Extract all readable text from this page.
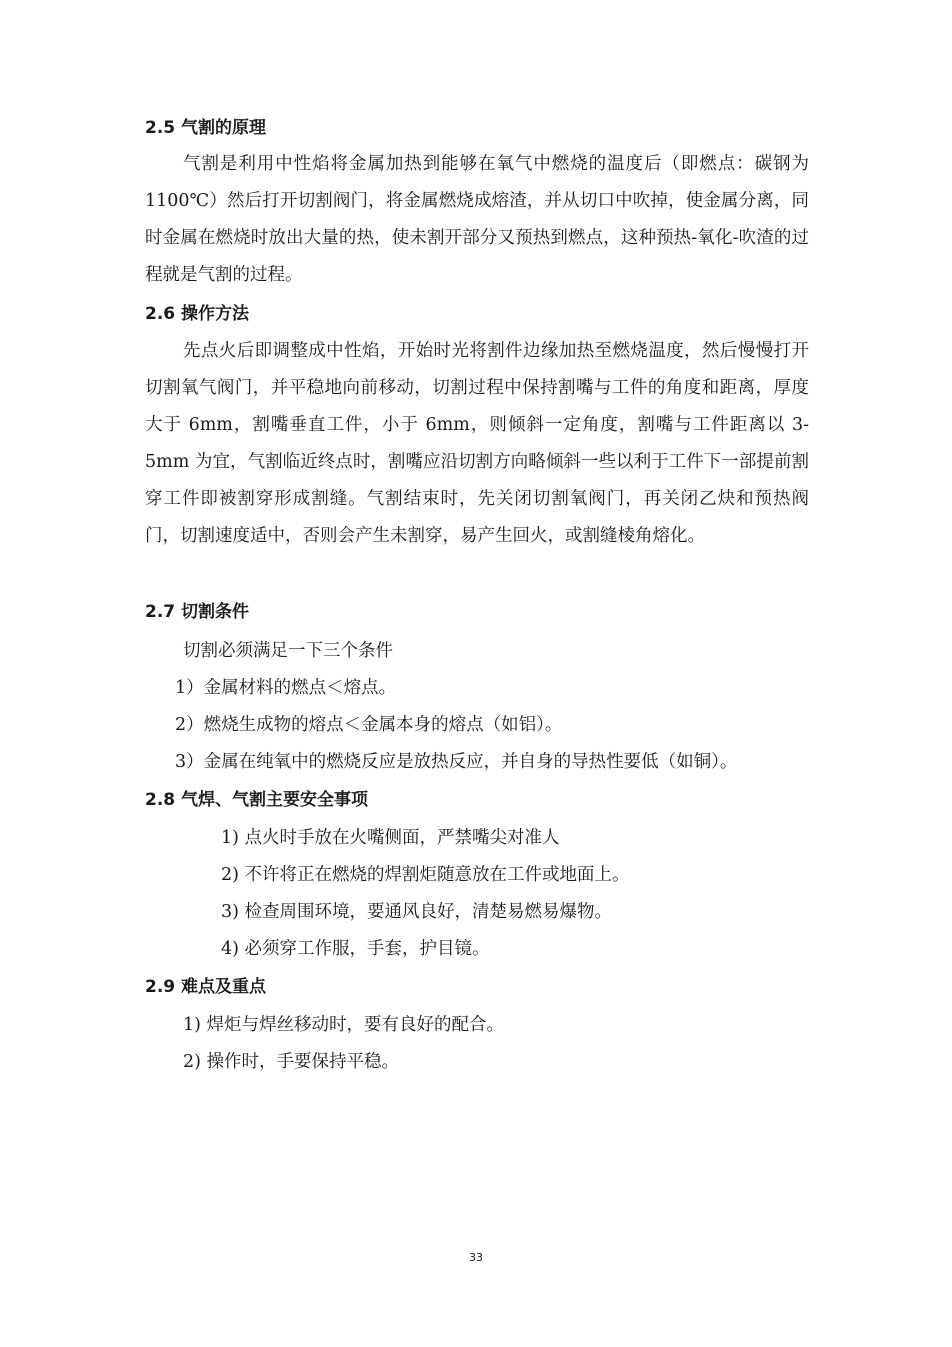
2.5 气割的原理

气割是利用中性焰将金属加热到能够在氧气中燃烧的温度后（即燃点：碳钢为 1100℃）然后打开切割阀门，将金属燃烧成熔渣，并从切口中吹掉，使金属分离，同时金属在燃烧时放出大量的热，使未割开部分又预热到燃点，这种预热-氧化-吹渣的过程就是气割的过程。

2.6 操作方法

先点火后即调整成中性焰，开始时光将割件边缘加热至燃烧温度，然后慢慢打开切割氧气阀门，并平稳地向前移动，切割过程中保持割嘴与工件的角度和距离，厚度大于 6mm，割嘴垂直工件，小于 6mm，则倾斜一定角度，割嘴与工件距离以 3-5mm 为宜，气割临近终点时，割嘴应沿切割方向略倾斜一些以利于工件下一部提前割穿工件即被割穿形成割缝。气割结束时，先关闭切割氧阀门，再关闭乙炔和预热阀门，切割速度适中，否则会产生未割穿，易产生回火，或割缝棱角熔化。

2.7 切割条件
切割必须满足一下三个条件
1）金属材料的燃点＜熔点。
2）燃烧生成物的熔点＜金属本身的熔点（如铝）。
3）金属在纯氧中的燃烧反应是放热反应，并自身的导热性要低（如铜）。
2.8 气焊、气割主要安全事项
1) 点火时手放在火嘴侧面，严禁嘴尖对准人
2) 不许将正在燃烧的焊割炬随意放在工件或地面上。
3) 检查周围环境，要通风良好，清楚易燃易爆物。
4) 必须穿工作服，手套，护目镜。
2.9 难点及重点
1) 焊炬与焊丝移动时，要有良好的配合。
2) 操作时，手要保持平稳。
33
